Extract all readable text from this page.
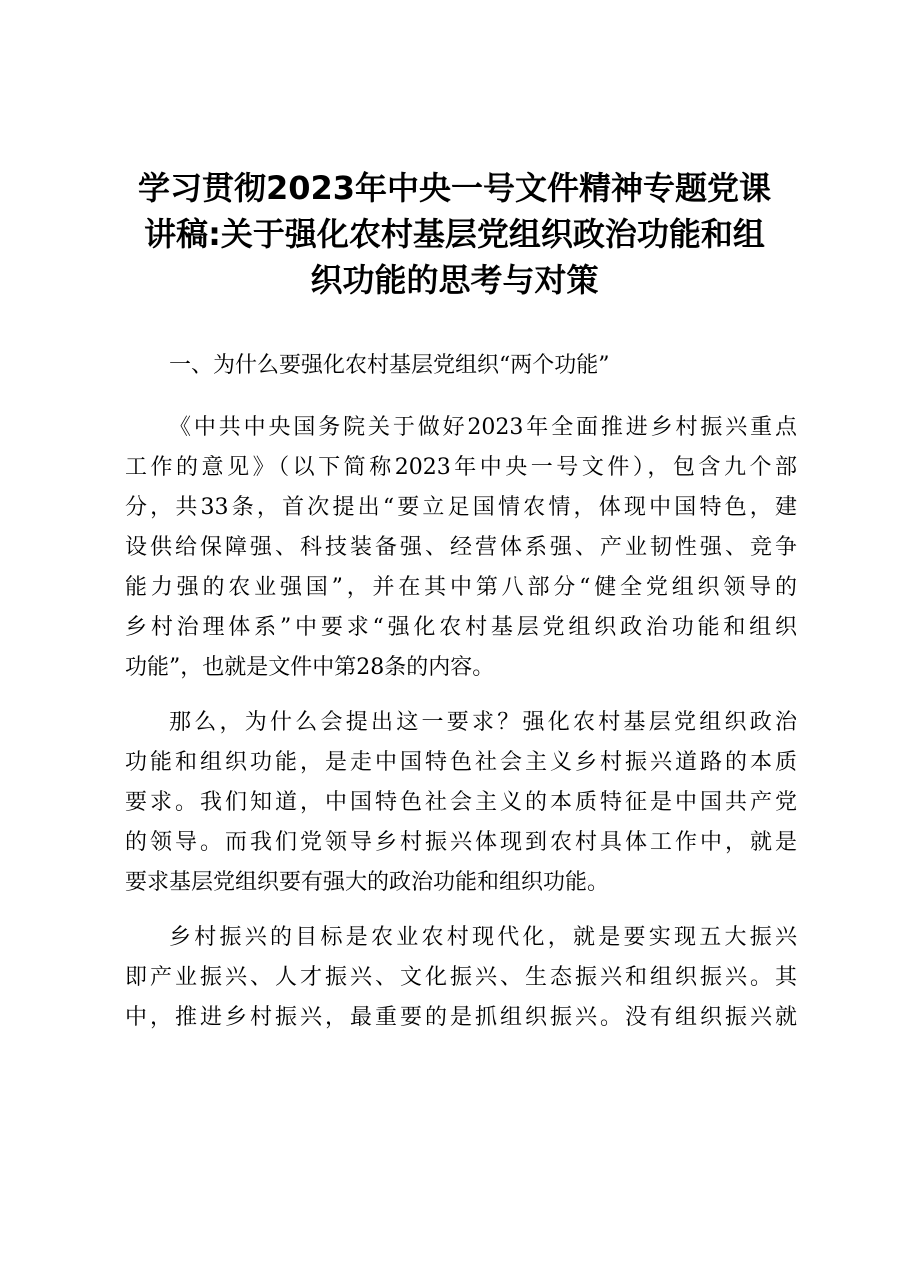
学习贯彻2023年中央一号文件精神专题党课
讲稿:关于强化农村基层党组织政治功能和组
织功能的思考与对策
一、为什么要强化农村基层党组织“两个功能”
《中共中央国务院关于做好2023年全面推进乡村振兴重点
工作的意见》（以下简称2023年中央一号文件），包含九个部
分，共33条，首次提出“要立足国情农情，体现中国特色，建
设供给保障强、科技装备强、经营体系强、产业韧性强、竞争
能力强的农业强国”，并在其中第八部分“健全党组织领导的
乡村治理体系”中要求“强化农村基层党组织政治功能和组织
功能”，也就是文件中第28条的内容。
那么，为什么会提出这一要求？强化农村基层党组织政治
功能和组织功能，是走中国特色社会主义乡村振兴道路的本质
要求。我们知道，中国特色社会主义的本质特征是中国共产党
的领导。而我们党领导乡村振兴体现到农村具体工作中，就是
要求基层党组织要有强大的政治功能和组织功能。
乡村振兴的目标是农业农村现代化，就是要实现五大振兴
即产业振兴、人才振兴、文化振兴、生态振兴和组织振兴。其
中，推进乡村振兴，最重要的是抓组织振兴。没有组织振兴就
